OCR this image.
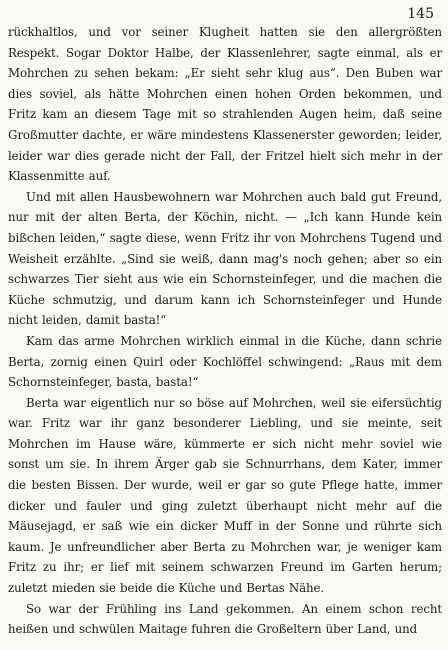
145

rückhaltlos, und vor seiner Klugheit hatten sie den allergrößten Respekt. Sogar Doktor Halbe, der Klassenlehrer, sagte einmal, als er Mohrchen zu sehen bekam: „Er sieht sehr klug aus“. Den Buben war dies soviel, als hätte Mohrchen einen hohen Orden bekommen, und Fritz kam an diesem Tage mit so strahlenden Augen heim, daß seine Großmutter dachte, er wäre mindestens Klassenerster geworden; leider, leider war dies gerade nicht der Fall, der Fritzel hielt sich mehr in der Klassenmitte auf.

Und mit allen Hausbewohnern war Mohrchen auch bald gut Freund, nur mit der alten Berta, der Köchin, nicht. — „Ich kann Hunde kein bißchen leiden,“ sagte diese, wenn Fritz ihr von Mohrchens Tugend und Weisheit erzählte. „Sind sie weiß, dann mag's noch gehen; aber so ein schwarzes Tier sieht aus wie ein Schornsteinfeger, und die machen die Küche schmutzig, und darum kann ich Schornsteinfeger und Hunde nicht leiden, damit basta!“

Kam das arme Mohrchen wirklich einmal in die Küche, dann schrie Berta, zornig einen Quirl oder Kochlöffel schwingend: „Raus mit dem Schornsteinfeger, basta, basta!“

Berta war eigentlich nur so böse auf Mohrchen, weil sie eifersüchtig war. Fritz war ihr ganz besonderer Liebling, und sie meinte, seit Mohrchen im Hause wäre, kümmerte er sich nicht mehr soviel wie sonst um sie. In ihrem Ärger gab sie Schnurrhans, dem Kater, immer die besten Bissen. Der wurde, weil er gar so gute Pflege hatte, immer dicker und fauler und ging zuletzt überhaupt nicht mehr auf die Mäusejagd, er saß wie ein dicker Muff in der Sonne und rührte sich kaum. Je unfreundlicher aber Berta zu Mohrchen war, je weniger kam Fritz zu ihr; er lief mit seinem schwarzen Freund im Garten herum; zuletzt mieden sie beide die Küche und Bertas Nähe.

So war der Frühling ins Land gekommen. An einem schon recht heißen und schwülen Maitage fuhren die Großeltern über Land, und
